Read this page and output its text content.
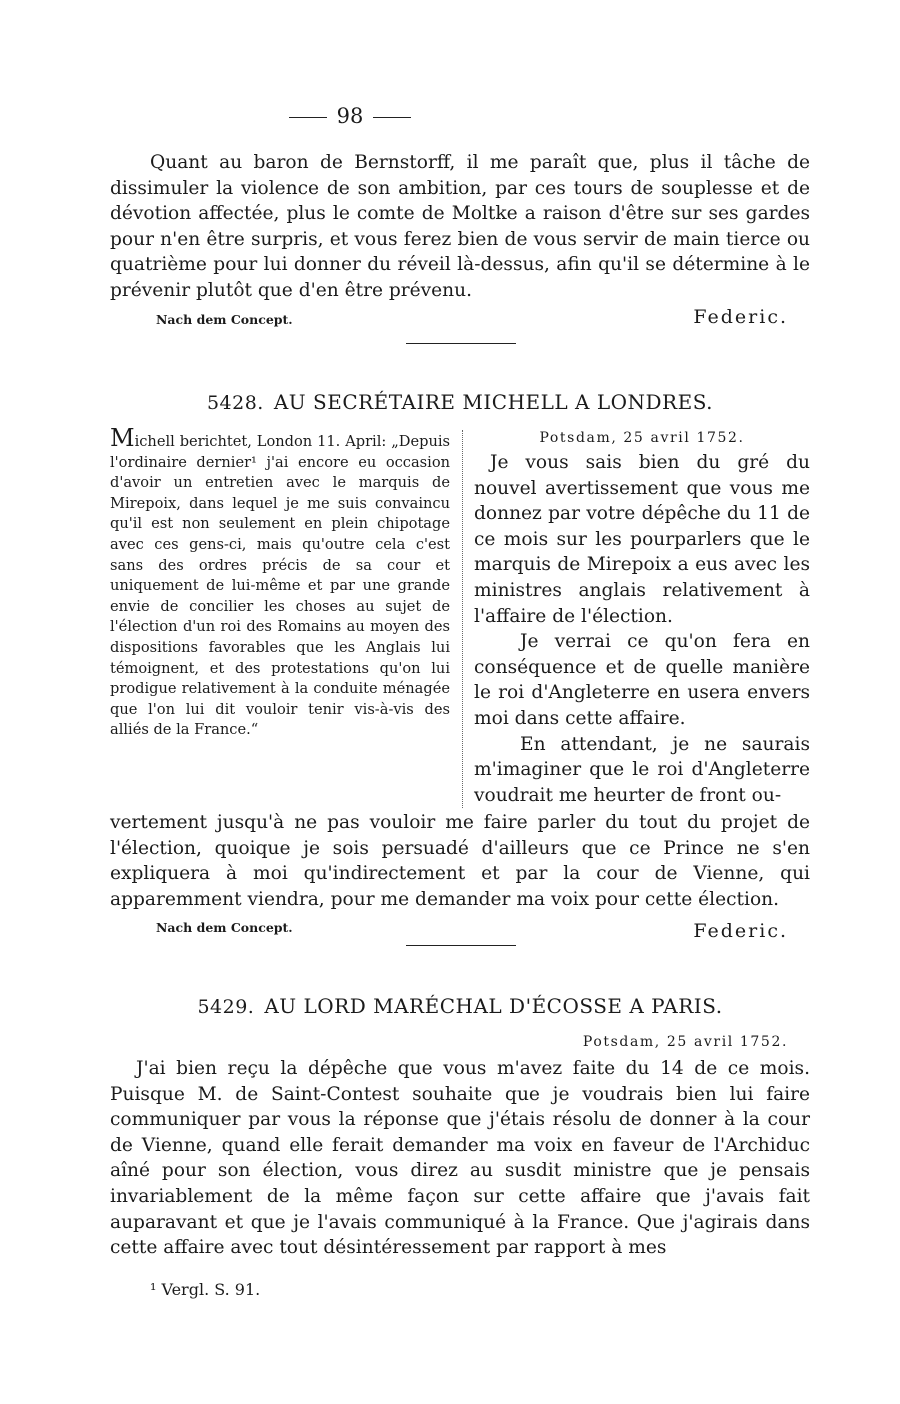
98

Quant au baron de Bernstorff, il me paraît que, plus il tâche de dissimuler la violence de son ambition, par ces tours de souplesse et de dévotion affectée, plus le comte de Moltke a raison d'être sur ses gardes pour n'en être surpris, et vous ferez bien de vous servir de main tierce ou quatrième pour lui donner du réveil là-dessus, afin qu'il se détermine à le prévenir plutôt que d'en être prévenu.

Nach dem Concept.	Federic.
5428. AU SECRÉTAIRE MICHELL A LONDRES.
Michell berichtet, London 11. April: „Depuis l'ordinaire dernier¹ j'ai encore eu occasion d'avoir un entretien avec le marquis de Mirepoix, dans lequel je me suis convaincu qu'il est non seulement en plein chipotage avec ces gens-ci, mais qu'outre cela c'est sans des ordres précis de sa cour et uniquement de lui-même et par une grande envie de concilier les choses au sujet de l'élection d'un roi des Romains au moyen des dispositions favorables que les Anglais lui témoignent, et des protestations qu'on lui prodigue relativement à la conduite ménagée que l'on lui dit vouloir tenir vis-à-vis des alliés de la France.“
Potsdam, 25 avril 1752.

Je vous sais bien du gré du nouvel avertissement que vous me donnez par votre dépêche du 11 de ce mois sur les pourparlers que le marquis de Mirepoix a eus avec les ministres anglais relativement à l'affaire de l'élection.

Je verrai ce qu'on fera en conséquence et de quelle manière le roi d'Angleterre en usera envers moi dans cette affaire.

En attendant, je ne saurais m'imaginer que le roi d'Angleterre voudrait me heurter de front ou-

vertement jusqu'à ne pas vouloir me faire parler du tout du projet de l'élection, quoique je sois persuadé d'ailleurs que ce Prince ne s'en expliquera à moi qu'indirectement et par la cour de Vienne, qui apparemment viendra, pour me demander ma voix pour cette élection.

Nach dem Concept.	Federic.
5429. AU LORD MARÉCHAL D'ÉCOSSE A PARIS.
Potsdam, 25 avril 1752.

J'ai bien reçu la dépêche que vous m'avez faite du 14 de ce mois. Puisque M. de Saint-Contest souhaite que je voudrais bien lui faire communiquer par vous la réponse que j'étais résolu de donner à la cour de Vienne, quand elle ferait demander ma voix en faveur de l'Archiduc aîné pour son élection, vous direz au susdit ministre que je pensais invariablement de la même façon sur cette affaire que j'avais fait auparavant et que je l'avais communiqué à la France. Que j'agirais dans cette affaire avec tout désintéressement par rapport à mes

¹ Vergl. S. 91.
